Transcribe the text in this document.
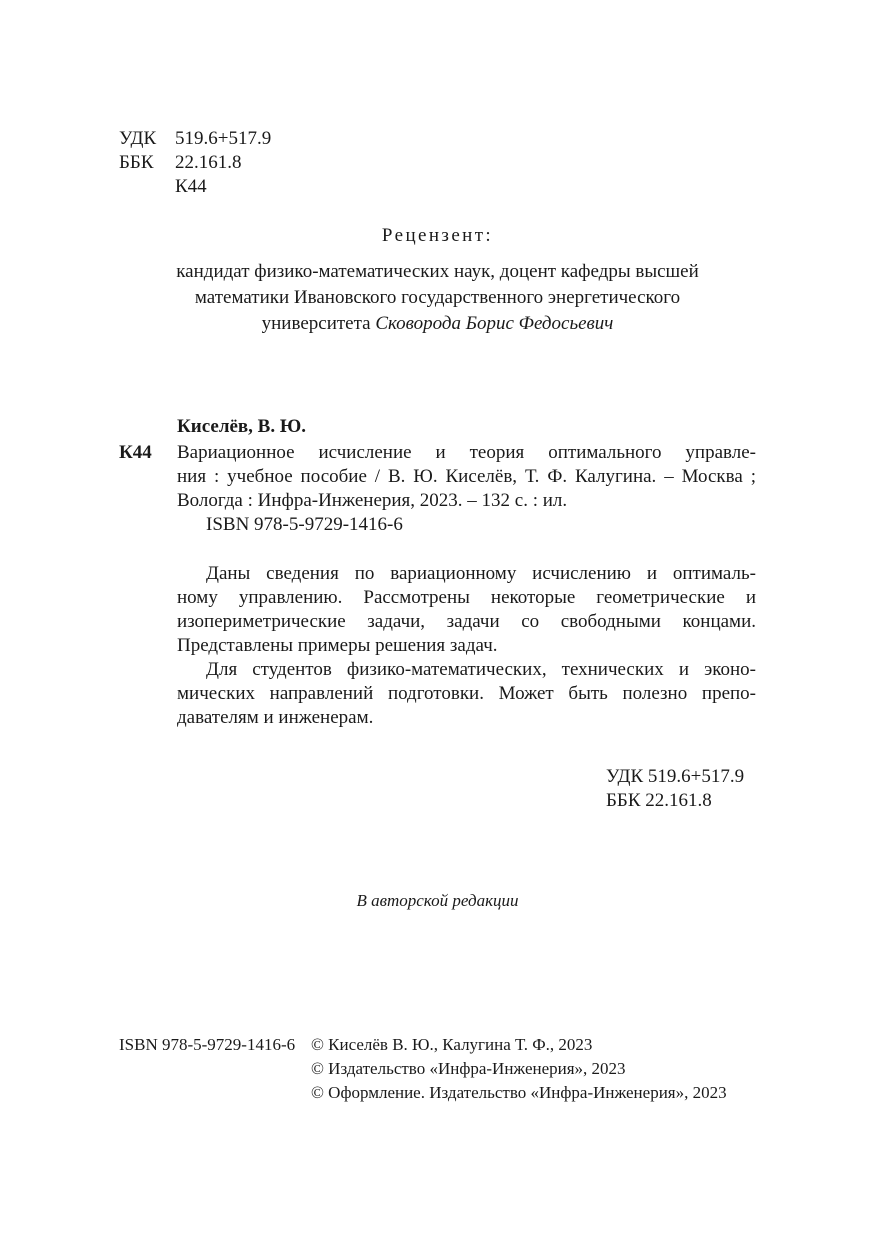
УДК 519.6+517.9
ББК 22.161.8
К44
Рецензент:
кандидат физико-математических наук, доцент кафедры высшей
математики Ивановского государственного энергетического
университета Сковорода Борис Федосьевич
Киселёв, В. Ю.
К44 Вариационное исчисление и теория оптимального управле-
ния : учебное пособие / В. Ю. Киселёв, Т. Ф. Калугина. – Москва ;
Вологда : Инфра-Инженерия, 2023. – 132 с. : ил.
ISBN 978-5-9729-1416-6
Даны сведения по вариационному исчислению и оптималь-
ному управлению. Рассмотрены некоторые геометрические и
изопериметрические задачи, задачи со свободными концами.
Представлены примеры решения задач.
Для студентов физико-математических, технических и эконо-
мических направлений подготовки. Может быть полезно препо-
давателям и инженерам.
УДК 519.6+517.9
ББК 22.161.8
В авторской редакции
ISBN 978-5-9729-1416-6 © Киселёв В. Ю., Калугина Т. Ф., 2023
© Издательство «Инфра-Инженерия», 2023
© Оформление. Издательство «Инфра-Инженерия», 2023
